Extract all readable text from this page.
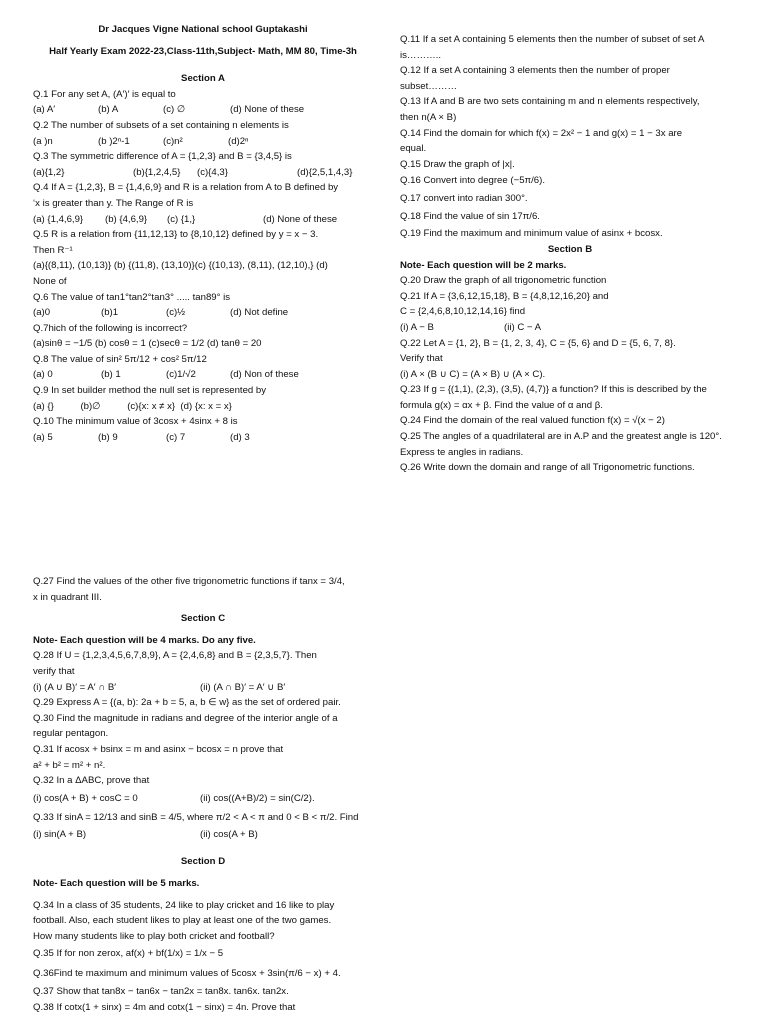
Dr Jacques Vigne National school Guptakashi
Half Yearly Exam 2022-23,Class-11th,Subject- Math, MM 80, Time-3h
Section A
Q.1 For any set A, (A′)′ is equal to
(a) A′	(b) A	(c) ∅	(d) None of these
Q.2 The number of subsets of a set containing n elements is
(a )n	(b )2ⁿ-1	(c)n²	(d)2ⁿ
Q.3 The symmetric difference of A = {1,2,3} and B = {3,4,5} is
(a){1,2}	(b){1,2,4,5}	(c){4,3}	(d){2,5,1,4,3}
Q.4 If A = {1,2,3}, B = {1,4,6,9} and R is a relation from A to B defined by
‘x is greater than y. The Range of R is
(a) {1,4,6,9}	(b) {4,6,9}	(c) {1,}	(d) None of these
Q.5 R is a relation from {11,12,13} to {8,10,12} defined by y = x − 3.
Then R⁻¹
(a){(8,11), (10,13)} (b) {(11,8), (13,10)}(c) {(10,13), (8,11), (12,10),} (d)
None of
Q.6 The value of tan1°tan2°tan3° ..... tan89° is
(a)0	(b)1	(c)½	(d) Not define
Q.7hich of the following is incorrect?
(a)sinθ = −1/5 (b) cosθ = 1 (c)secθ = 1/2 (d) tanθ = 20
Q.8 The value of sin² 5π/12 + cos² 5π/12
(a) 0	(b) 1	(c)1/√2	(d) Non of these
Q.9 In set builder method the null set is represented by
(a) {}          (b)∅          (c){x: x ≠ x}  (d) {x: x = x}
Q.10 The minimum value of 3cosx + 4sinx + 8 is
(a) 5	(b) 9	(c) 7	(d) 3
Q.11 If a set A containing 5 elements then the number of subset of set A
is………..
Q.12 If a set A containing 3 elements then the number of proper
subset………
Q.13 If A and B are two sets containing m and n elements respectively,
then n(A × B)
Q.14 Find the domain for which f(x) = 2x² − 1 and g(x) = 1 − 3x are
equal.
Q.15 Draw the graph of |x|.
Q.16 Convert into degree (−5π/6).
Q.17 convert into radian 300°.
Q.18 Find the value of sin 17π/6.
Q.19 Find the maximum and minimum value of asinx + bcosx.
Section B
Note- Each question will be 2 marks.
Q.20 Draw the graph of all trigonometric function
Q.21 If A = {3,6,12,15,18}, B = {4,8,12,16,20} and
C = {2,4,6,8,10,12,14,16} find
(i) A − B	(ii) C − A
Q.22 Let A = {1, 2}, B = {1, 2, 3, 4}, C = {5, 6} and D = {5, 6, 7, 8}.
Verify that
(i) A × (B ∪ C) = (A × B) ∪ (A × C).
Q.23 If g = {(1,1), (2,3), (3,5), (4,7)} a function? If this is described by the
formula g(x) = αx + β. Find the value of α and β.
Q.24 Find the domain of the real valued function f(x) = √(x − 2)
Q.25 The angles of a quadrilateral are in A.P and the greatest angle is 120°.
Express te angles in radians.
Q.26 Write down the domain and range of all Trigonometric functions.
Q.27 Find the values of the other five trigonometric functions if tanx = 3/4,
x in quadrant III.
Section C
Note- Each question will be 4 marks. Do any five.
Q.28 If U = {1,2,3,4,5,6,7,8,9}, A = {2,4,6,8} and B = {2,3,5,7}. Then
verify that
(i) (A ∪ B)′ = A′ ∩ B′	(ii) (A ∩ B)′ = A′ ∪ B′
Q.29 Express A = {(a, b): 2a + b = 5, a, b ∈ w} as the set of ordered pair.
Q.30 Find the magnitude in radians and degree of the interior angle of a
regular pentagon.
Q.31 If acosx + bsinx = m and asinx − bcosx = n prove that
a² + b² = m² + n².
Q.32 In a ΔABC, prove that
(i) cos(A + B) + cosC = 0	(ii) cos((A+B)/2) = sin(C/2).
Q.33 If sinA = 12/13 and sinB = 4/5, where π/2 < A < π and 0 < B < π/2. Find
(i) sin(A + B)	(ii) cos(A + B)
Section D
Note- Each question will be 5 marks.
Q.34 In a class of 35 students, 24 like to play cricket and 16 like to play
football. Also, each student likes to play at least one of the two games.
How many students like to play both cricket and football?
Q.35 If for non zerox, af(x) + bf(1/x) = 1/x − 5
Q.36Find te maximum and minimum values of 5cosx + 3sin(π/6 − x) + 4.
Q.37 Show that tan8x − tan6x − tan2x = tan8x. tan6x. tan2x.
Q.38 If cotx(1 + sinx) = 4m and cotx(1 − sinx) = 4n. Prove that
